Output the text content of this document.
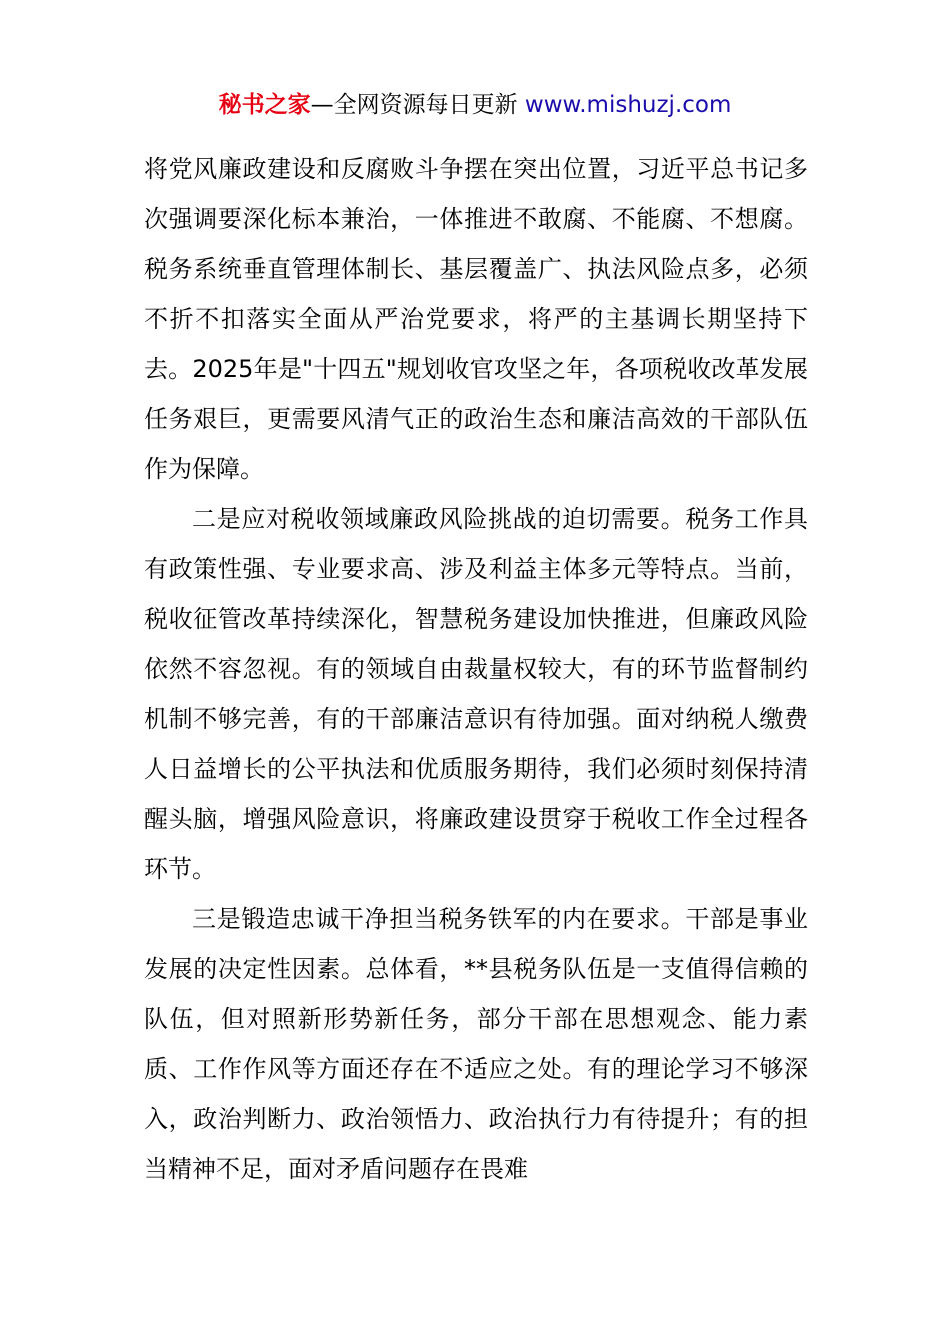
秘书之家—全网资源每日更新 www.mishuzj.com

将党风廉政建设和反腐败斗争摆在突出位置，习近平总书记多次强调要深化标本兼治，一体推进不敢腐、不能腐、不想腐。税务系统垂直管理体制长、基层覆盖广、执法风险点多，必须不折不扣落实全面从严治党要求，将严的主基调长期坚持下去。2025年是"十四五"规划收官攻坚之年，各项税收改革发展任务艰巨，更需要风清气正的政治生态和廉洁高效的干部队伍作为保障。

二是应对税收领域廉政风险挑战的迫切需要。税务工作具有政策性强、专业要求高、涉及利益主体多元等特点。当前，税收征管改革持续深化，智慧税务建设加快推进，但廉政风险依然不容忽视。有的领域自由裁量权较大，有的环节监督制约机制不够完善，有的干部廉洁意识有待加强。面对纳税人缴费人日益增长的公平执法和优质服务期待，我们必须时刻保持清醒头脑，增强风险意识，将廉政建设贯穿于税收工作全过程各环节。

三是锻造忠诚干净担当税务铁军的内在要求。干部是事业发展的决定性因素。总体看，**县税务队伍是一支值得信赖的队伍，但对照新形势新任务，部分干部在思想观念、能力素质、工作作风等方面还存在不适应之处。有的理论学习不够深入，政治判断力、政治领悟力、政治执行力有待提升；有的担当精神不足，面对矛盾问题存在畏难
